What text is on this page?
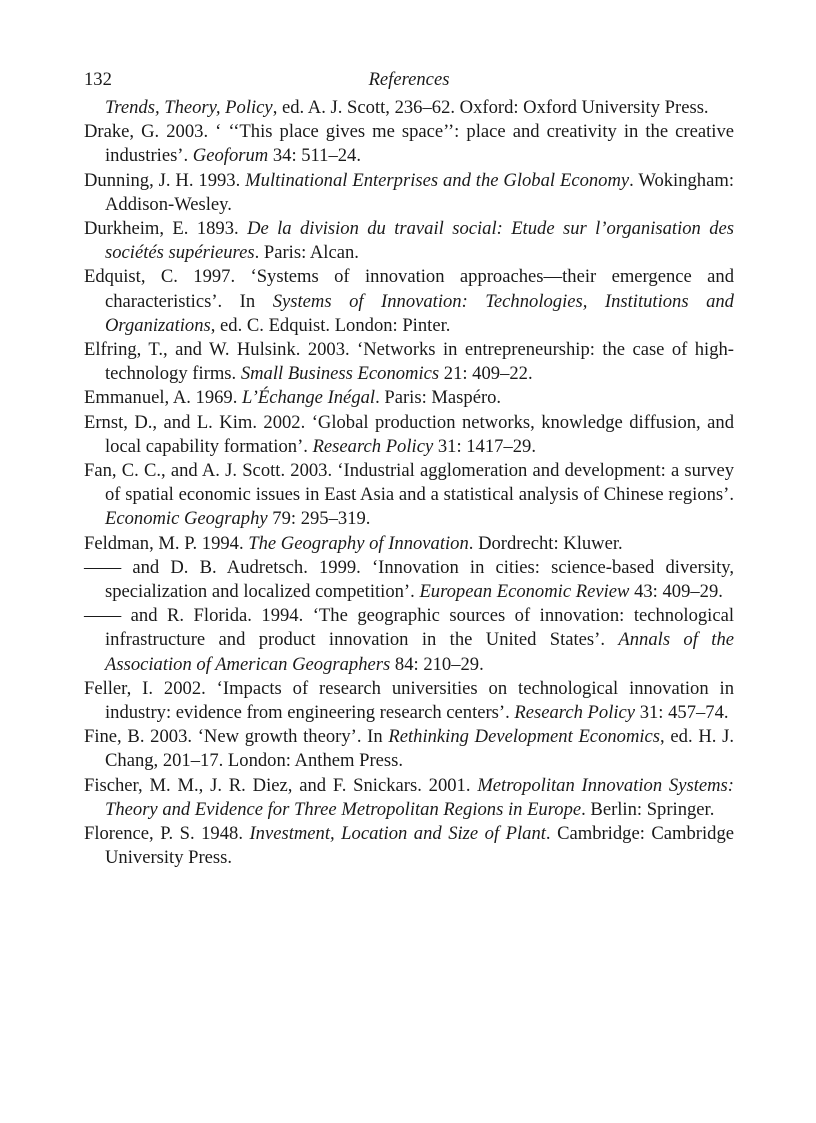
132	References
Trends, Theory, Policy, ed. A. J. Scott, 236–62. Oxford: Oxford University Press.
Drake, G. 2003. ‘ ‘‘This place gives me space’’: place and creativity in the creative industries’. Geoforum 34: 511–24.
Dunning, J. H. 1993. Multinational Enterprises and the Global Economy. Wokingham: Addison-Wesley.
Durkheim, E. 1893. De la division du travail social: Etude sur l’organisation des sociétés supérieures. Paris: Alcan.
Edquist, C. 1997. ‘Systems of innovation approaches—their emergence and characteristics’. In Systems of Innovation: Technologies, Institutions and Organizations, ed. C. Edquist. London: Pinter.
Elfring, T., and W. Hulsink. 2003. ‘Networks in entrepreneurship: the case of high-technology firms. Small Business Economics 21: 409–22.
Emmanuel, A. 1969. L’Échange Inégal. Paris: Maspéro.
Ernst, D., and L. Kim. 2002. ‘Global production networks, knowledge diffusion, and local capability formation’. Research Policy 31: 1417–29.
Fan, C. C., and A. J. Scott. 2003. ‘Industrial agglomeration and development: a survey of spatial economic issues in East Asia and a statistical analysis of Chinese regions’. Economic Geography 79: 295–319.
Feldman, M. P. 1994. The Geography of Innovation. Dordrecht: Kluwer.
—— and D. B. Audretsch. 1999. ‘Innovation in cities: science-based diversity, specialization and localized competition’. European Economic Review 43: 409–29.
—— and R. Florida. 1994. ‘The geographic sources of innovation: technological infrastructure and product innovation in the United States’. Annals of the Association of American Geographers 84: 210–29.
Feller, I. 2002. ‘Impacts of research universities on technological innovation in industry: evidence from engineering research centers’. Research Policy 31: 457–74.
Fine, B. 2003. ‘New growth theory’. In Rethinking Development Economics, ed. H. J. Chang, 201–17. London: Anthem Press.
Fischer, M. M., J. R. Diez, and F. Snickars. 2001. Metropolitan Innovation Systems: Theory and Evidence for Three Metropolitan Regions in Europe. Berlin: Springer.
Florence, P. S. 1948. Investment, Location and Size of Plant. Cambridge: Cambridge University Press.
